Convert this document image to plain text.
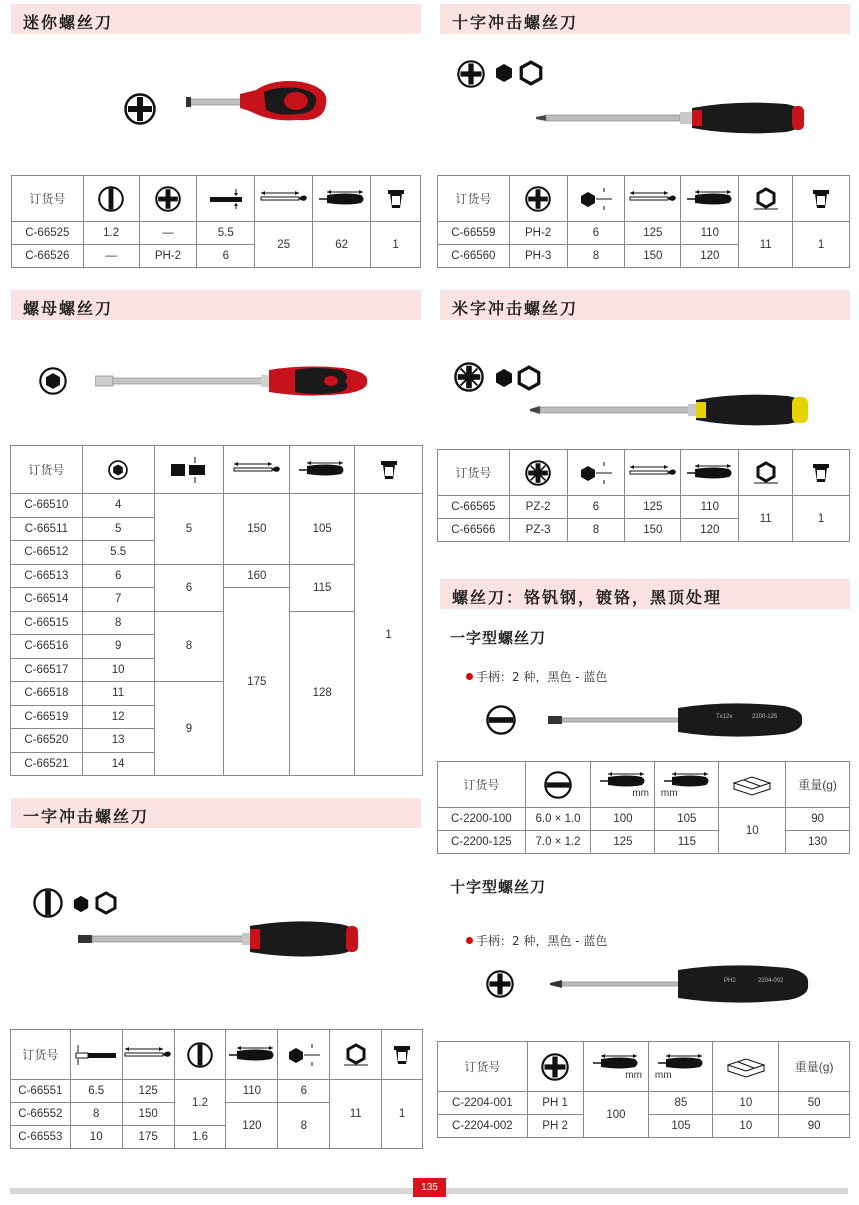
迷你螺丝刀
订货号	

C-66525	1.2	—	5.5	25	62	1
C-66526	—	PH-2	6			
十字冲击螺丝刀
订货号	

C-66559	PH-2	6	125	110	11	1
C-66560	PH-3	8	150	120		
螺母螺丝刀
订货号	

C-66510	4	5	150	105	1
C-66511	5				
C-66512	5.5				
C-66513	6	6	160	115	
C-66514	7		175		
C-66515	8	8		128	
C-66516	9				
C-66517	10				
C-66518	11	9			
C-66519	12				
C-66520	13				
C-66521	14				
米字冲击螺丝刀
订货号	

C-66565	PZ-2	6	125	110	11	1
C-66566	PZ-3	8	150	120		
螺丝刀：铬钒钢，镀铬，黑顶处理
一字型螺丝刀
手柄：2 种，黑色 - 蓝色
Tx12x	2200-125
订货号		mm	mm		重量(g)
C-2200-100	6.0 × 1.0	100	105	10	90
C-2200-125	7.0 × 1.2	125	115		130
十字型螺丝刀
手柄：2 种，黑色 - 蓝色
PH2	2204-002
订货号		mm	mm		重量(g)
C-2204-001	PH 1	100	85	10	50
C-2204-002	PH 2		105	10	90
一字冲击螺丝刀
订货号	

C-66551	6.5	125	1.2	110	6	11	1
C-66552	8	150		120	8		
C-66553	10	175	1.6				
135
